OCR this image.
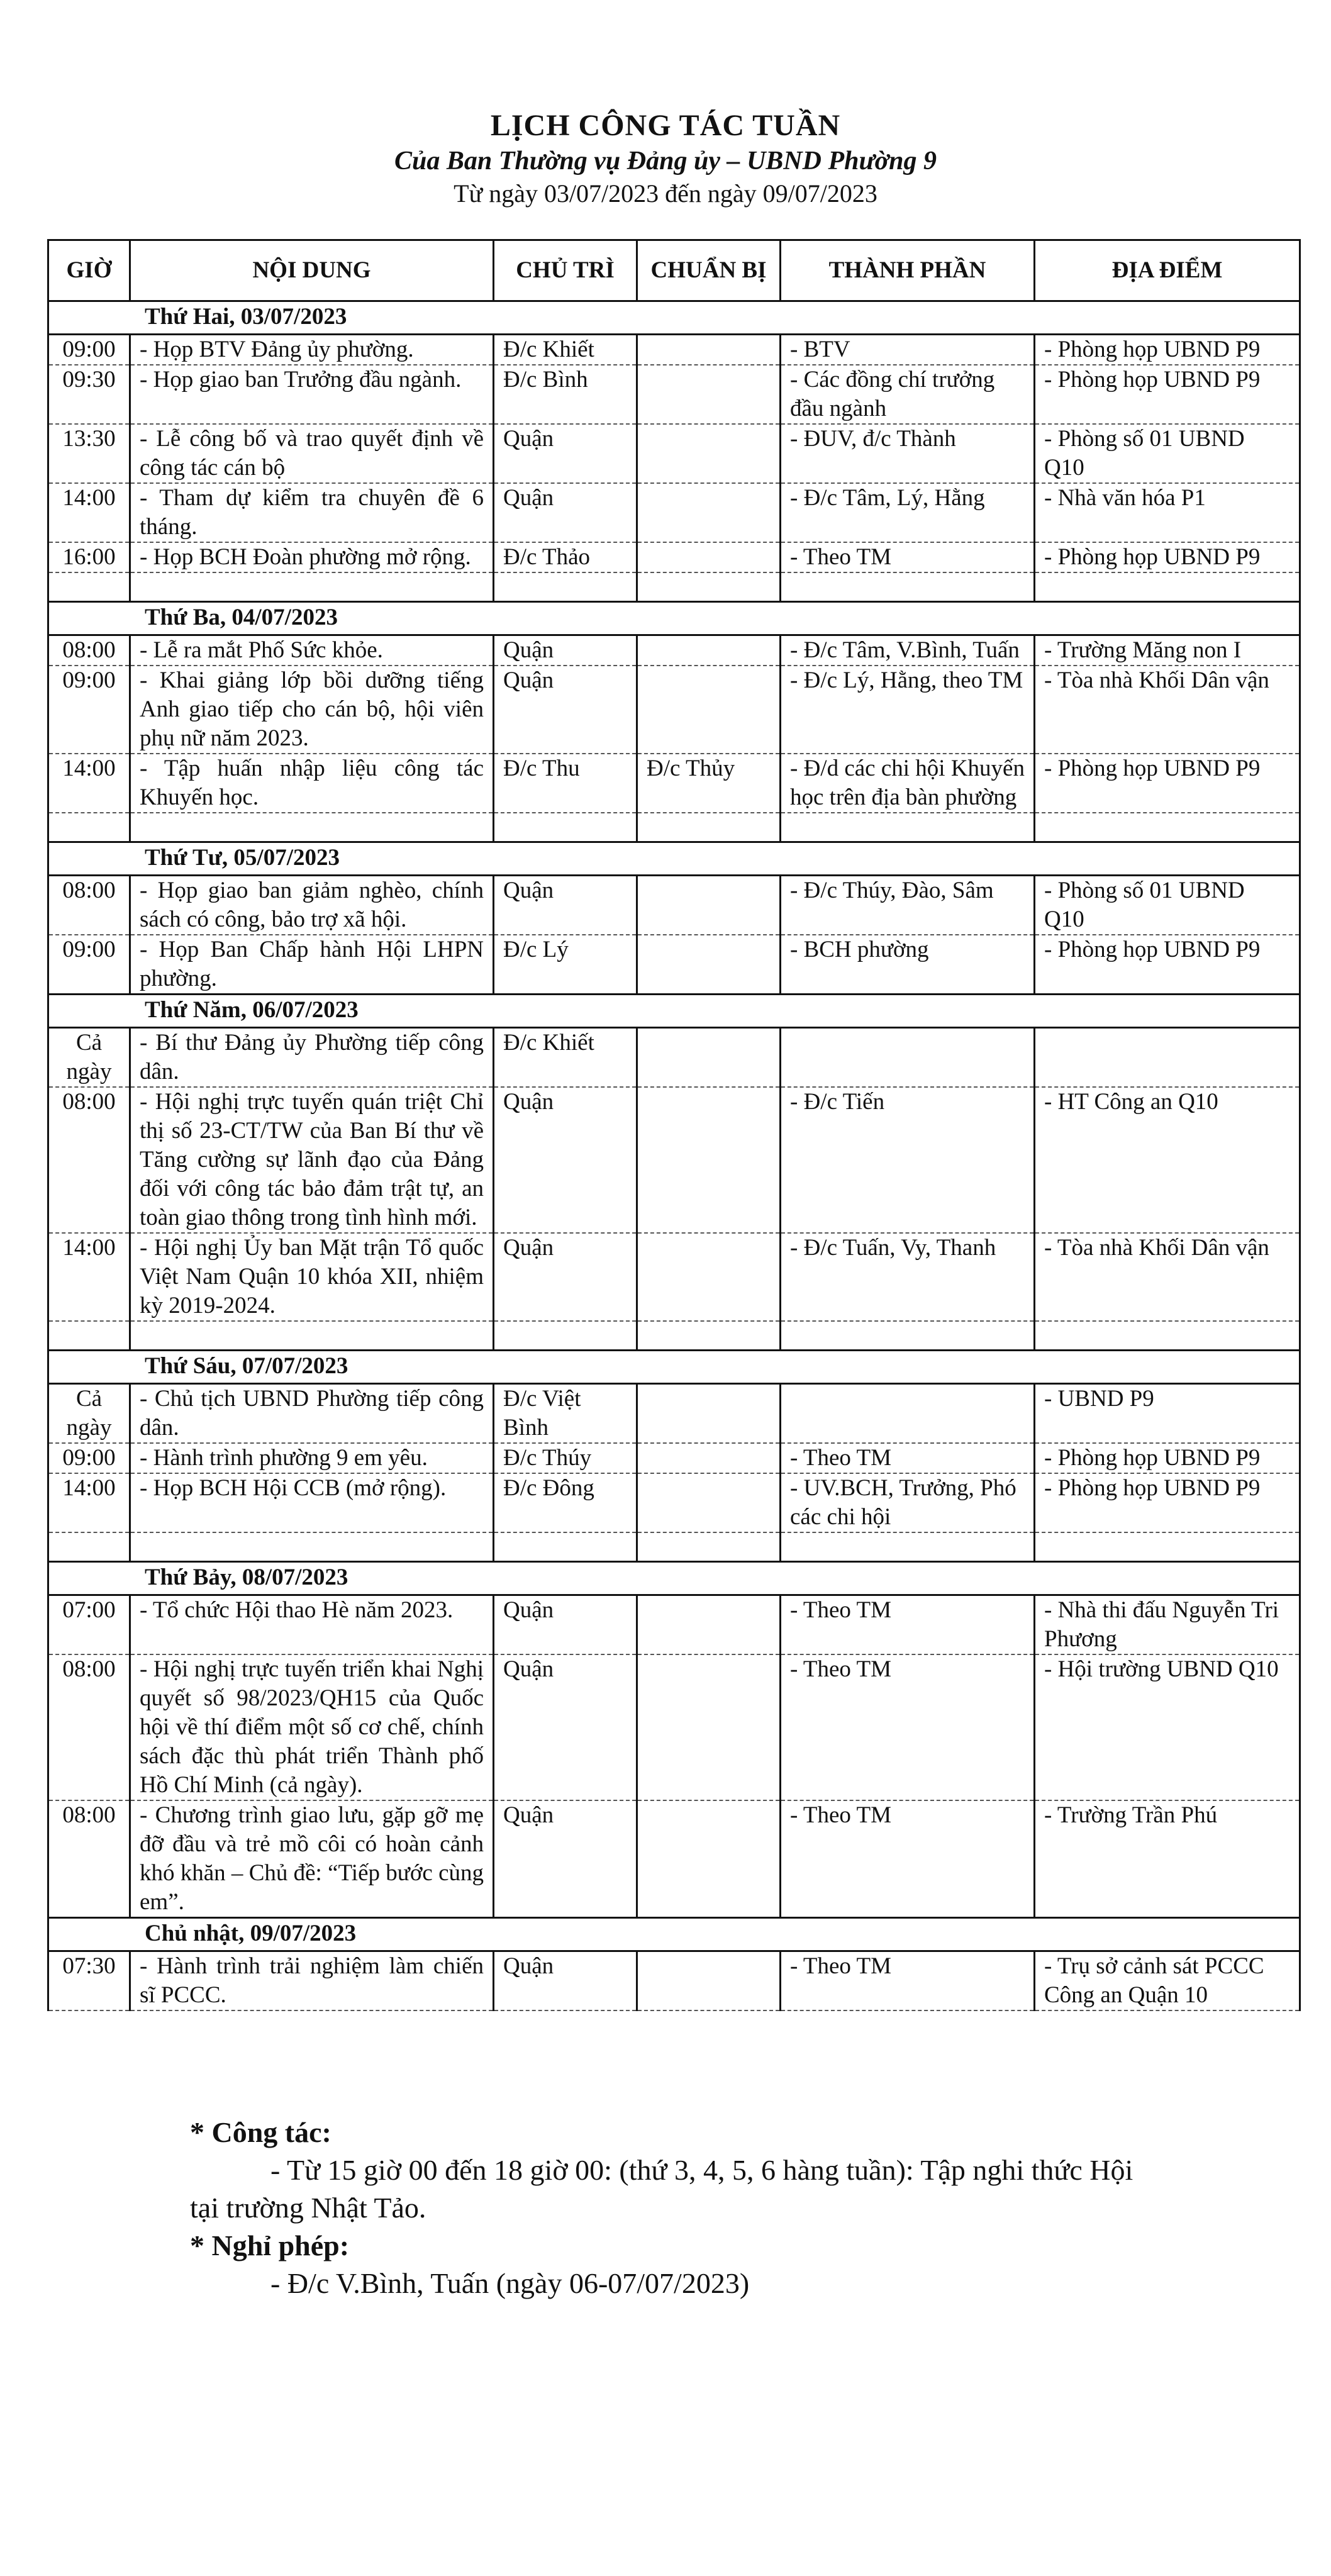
LỊCH CÔNG TÁC TUẦN
Của Ban Thường vụ Đảng ủy – UBND Phường 9
Từ ngày 03/07/2023 đến ngày 09/07/2023
GIỜ	NỘI DUNG	CHỦ TRÌ	CHUẨN BỊ	THÀNH PHẦN	ĐỊA ĐIỂM
Thứ Hai, 03/07/2023					
09:00	- Họp BTV Đảng ủy phường.	Đ/c Khiết		- BTV	- Phòng họp UBND P9
09:30	- Họp giao ban Trưởng đầu ngành.	Đ/c Bình		- Các đồng chí trưởng đầu ngành	- Phòng họp UBND P9
13:30	- Lễ công bố và trao quyết định về công tác cán bộ	Quận		- ĐUV, đ/c Thành	- Phòng số 01 UBND Q10
14:00	- Tham dự kiểm tra chuyên đề 6 tháng.	Quận		- Đ/c Tâm, Lý, Hằng	- Nhà văn hóa P1
16:00	- Họp BCH Đoàn phường mở rộng.	Đ/c Thảo		- Theo TM	- Phòng họp UBND P9

Thứ Ba, 04/07/2023					
08:00	- Lễ ra mắt Phố Sức khỏe.	Quận		- Đ/c Tâm, V.Bình, Tuấn	- Trường Măng non I
09:00	- Khai giảng lớp bồi dưỡng tiếng Anh giao tiếp cho cán bộ, hội viên phụ nữ năm 2023.	Quận		- Đ/c Lý, Hằng, theo TM	- Tòa nhà Khối Dân vận
14:00	- Tập huấn nhập liệu công tác Khuyến học.	Đ/c Thu	Đ/c Thủy	- Đ/d các chi hội Khuyến học trên địa bàn phường	- Phòng họp UBND P9

Thứ Tư, 05/07/2023					
08:00	- Họp giao ban giảm nghèo, chính sách có công, bảo trợ xã hội.	Quận		- Đ/c Thúy, Đào, Sâm	- Phòng số 01 UBND Q10
09:00	- Họp Ban Chấp hành Hội LHPN phường.	Đ/c Lý		- BCH phường	- Phòng họp UBND P9
Thứ Năm, 06/07/2023					
Cả ngày	- Bí thư Đảng ủy Phường tiếp công dân.	Đ/c Khiết			
08:00	- Hội nghị trực tuyến quán triệt Chỉ thị số 23-CT/TW của Ban Bí thư về Tăng cường sự lãnh đạo của Đảng đối với công tác bảo đảm trật tự, an toàn giao thông trong tình hình mới.	Quận		- Đ/c Tiến	- HT Công an Q10
14:00	- Hội nghị Ủy ban Mặt trận Tổ quốc Việt Nam Quận 10 khóa XII, nhiệm kỳ 2019-2024.	Quận		- Đ/c Tuấn, Vy, Thanh	- Tòa nhà Khối Dân vận

Thứ Sáu, 07/07/2023					
Cả ngày	- Chủ tịch UBND Phường tiếp công dân.	Đ/c Việt Bình			- UBND P9
09:00	- Hành trình phường 9 em yêu.	Đ/c Thúy		- Theo TM	- Phòng họp UBND P9
14:00	- Họp BCH Hội CCB (mở rộng).	Đ/c Đông		- UV.BCH, Trưởng, Phó các chi hội	- Phòng họp UBND P9

Thứ Bảy, 08/07/2023					
07:00	- Tổ chức Hội thao Hè năm 2023.	Quận		- Theo TM	- Nhà thi đấu Nguyễn Tri Phương
08:00	- Hội nghị trực tuyến triển khai Nghị quyết số 98/2023/QH15 của Quốc hội về thí điểm một số cơ chế, chính sách đặc thù phát triển Thành phố Hồ Chí Minh (cả ngày).	Quận		- Theo TM	- Hội trường UBND Q10
08:00	- Chương trình giao lưu, gặp gỡ mẹ đỡ đầu và trẻ mồ côi có hoàn cảnh khó khăn – Chủ đề: “Tiếp bước cùng em”.	Quận		- Theo TM	- Trường Trần Phú
Chủ nhật, 09/07/2023					
07:30	- Hành trình trải nghiệm làm chiến sĩ PCCC.	Quận		- Theo TM	- Trụ sở cảnh sát PCCC Công an Quận 10

* Công tác:

- Từ 15 giờ 00 đến 18 giờ 00: (thứ 3, 4, 5, 6 hàng tuần): Tập nghi thức Hội

tại trường Nhật Tảo.

* Nghỉ phép:

- Đ/c V.Bình, Tuấn (ngày 06-07/07/2023)
